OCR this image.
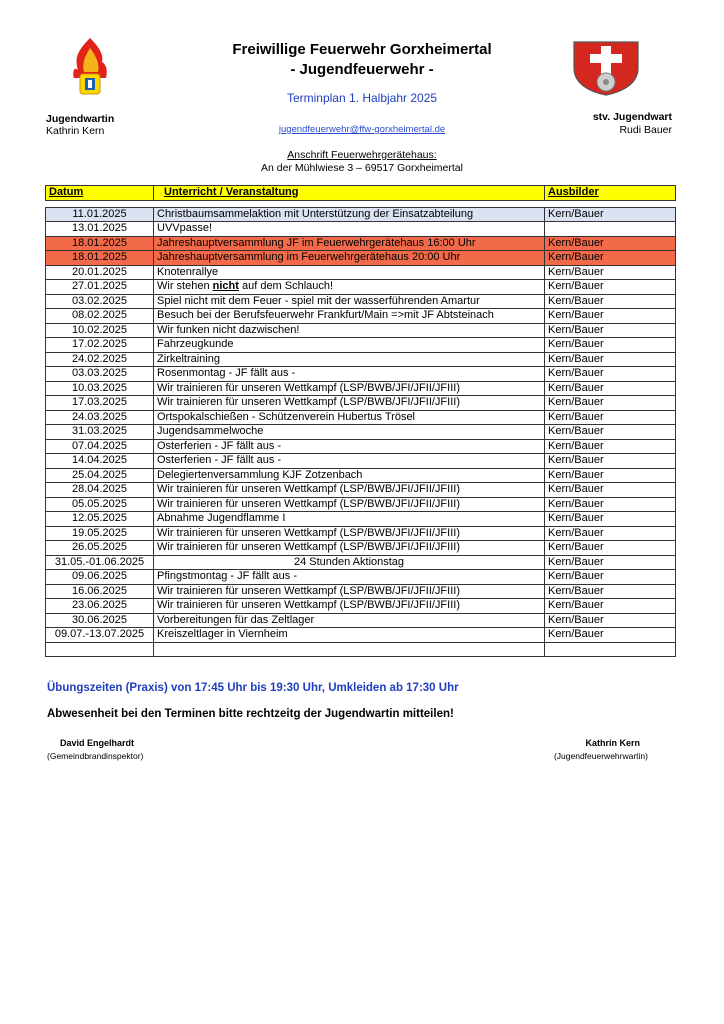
Freiwillige Feuerwehr Gorxheimertal
- Jugendfeuerwehr -
Terminplan 1. Halbjahr 2025
Jugendwartin
Kathrin Kern
stv. Jugendwart
Rudi Bauer
jugendfeuerwehr@ffw-gorxheimertal.de
Anschrift Feuerwehrgerätehaus:
An der Mühlwiese 3 – 69517 Gorxheimertal
Datum	Unterricht / Veranstaltung	Ausbilder

11.01.2025	Christbaumsammelaktion mit Unterstützung der Einsatzabteilung	Kern/Bauer
13.01.2025	UVVpasse!	
18.01.2025	Jahreshauptversammlung JF im Feuerwehrgerätehaus 16:00 Uhr	Kern/Bauer
18.01.2025	Jahreshauptversammlung im Feuerwehrgerätehaus 20:00 Uhr	Kern/Bauer
20.01.2025	Knotenrallye	Kern/Bauer
27.01.2025	Wir stehen nicht auf dem Schlauch!	Kern/Bauer
03.02.2025	Spiel nicht mit dem Feuer - spiel mit der wasserführenden Amartur	Kern/Bauer
08.02.2025	Besuch bei der Berufsfeuerwehr Frankfurt/Main =>mit JF Abtsteinach	Kern/Bauer
10.02.2025	Wir funken nicht dazwischen!	Kern/Bauer
17.02.2025	Fahrzeugkunde	Kern/Bauer
24.02.2025	Zirkeltraining	Kern/Bauer
03.03.2025	Rosenmontag - JF fällt aus -	Kern/Bauer
10.03.2025	Wir trainieren für unseren Wettkampf (LSP/BWB/JFI/JFII/JFIII)	Kern/Bauer
17.03.2025	Wir trainieren für unseren Wettkampf (LSP/BWB/JFI/JFII/JFIII)	Kern/Bauer
24.03.2025	Ortspokalschießen - Schützenverein Hubertus Trösel	Kern/Bauer
31.03.2025	Jugendsammelwoche	Kern/Bauer
07.04.2025	Osterferien - JF fällt aus -	Kern/Bauer
14.04.2025	Osterferien - JF fällt aus -	Kern/Bauer
25.04.2025	Delegiertenversammlung KJF Zotzenbach	Kern/Bauer
28.04.2025	Wir trainieren für unseren Wettkampf (LSP/BWB/JFI/JFII/JFIII)	Kern/Bauer
05.05.2025	Wir trainieren für unseren Wettkampf (LSP/BWB/JFI/JFII/JFIII)	Kern/Bauer
12.05.2025	Abnahme Jugendflamme I	Kern/Bauer
19.05.2025	Wir trainieren für unseren Wettkampf (LSP/BWB/JFI/JFII/JFIII)	Kern/Bauer
26.05.2025	Wir trainieren für unseren Wettkampf (LSP/BWB/JFI/JFII/JFIII)	Kern/Bauer
31.05.-01.06.2025	24 Stunden Aktionstag	Kern/Bauer
09.06.2025	Pfingstmontag - JF fällt aus -	Kern/Bauer
16.06.2025	Wir trainieren für unseren Wettkampf (LSP/BWB/JFI/JFII/JFIII)	Kern/Bauer
23.06.2025	Wir trainieren für unseren Wettkampf (LSP/BWB/JFI/JFII/JFIII)	Kern/Bauer
30.06.2025	Vorbereitungen für das Zeltlager	Kern/Bauer
09.07.-13.07.2025	Kreiszeltlager in Viernheim	Kern/Bauer

Übungszeiten (Praxis) von 17:45 Uhr bis 19:30 Uhr, Umkleiden ab 17:30 Uhr
Abwesenheit bei den Terminen bitte rechtzeitg der Jugendwartin mitteilen!
David Engelhardt
(Gemeindbrandinspektor)
Kathrin Kern
(Jugendfeuerwehrwartin)
